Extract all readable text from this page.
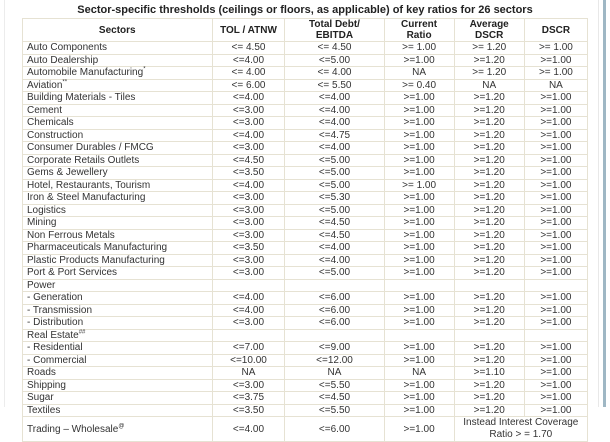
Sector-specific thresholds (ceilings or floors, as applicable) of key ratios for 26 sectors
Sectors	TOL / ATNW	Total Debt/ EBITDA	Current Ratio	Average DSCR	DSCR
Auto Components	<= 4.50	<= 4.50	>= 1.00	>= 1.20	>= 1.00
Auto Dealership	<=4.00	<=5.00	>=1.00	>=1.20	>=1.00
Automobile Manufacturing*	<= 4.00	<= 4.00	NA	>= 1.20	>= 1.00
Aviation**	<= 6.00	<= 5.50	>= 0.40	NA	NA
Building Materials - Tiles	<=4.00	<=4.00	>=1.00	>=1.20	>=1.00
Cement	<=3.00	<=4.00	>=1.00	>=1.20	>=1.00
Chemicals	<=3.00	<=4.00	>=1.00	>=1.20	>=1.00
Construction	<=4.00	<=4.75	>=1.00	>=1.20	>=1.00
Consumer Durables / FMCG	<=3.00	<=4.00	>=1.00	>=1.20	>=1.00
Corporate Retails Outlets	<=4.50	<=5.00	>=1.00	>=1.20	>=1.00
Gems & Jewellery	<=3.50	<=5.00	>=1.00	>=1.20	>=1.00
Hotel, Restaurants, Tourism	<=4.00	<=5.00	>= 1.00	>=1.20	>=1.00
Iron & Steel Manufacturing	<=3.00	<=5.30	>=1.00	>=1.20	>=1.00
Logistics	<=3.00	<=5.00	>=1.00	>=1.20	>=1.00
Mining	<=3.00	<=4.50	>=1.00	>=1.20	>=1.00
Non Ferrous Metals	<=3.00	<=4.50	>=1.00	>=1.20	>=1.00
Pharmaceuticals Manufacturing	<=3.50	<=4.00	>=1.00	>=1.20	>=1.00
Plastic Products Manufacturing	<=3.00	<=4.00	>=1.00	>=1.20	>=1.00
Port & Port Services	<=3.00	<=5.00	>=1.00	>=1.20	>=1.00
Power					
- Generation	<=4.00	<=6.00	>=1.00	>=1.20	>=1.00
- Transmission	<=4.00	<=6.00	>=1.00	>=1.20	>=1.00
- Distribution	<=3.00	<=6.00	>=1.00	>=1.20	>=1.00
Real Estate##					
- Residential	<=7.00	<=9.00	>=1.00	>=1.20	>=1.00
- Commercial	<=10.00	<=12.00	>=1.00	>=1.20	>=1.00
Roads	NA	NA	NA	>=1.10	>=1.00
Shipping	<=3.00	<=5.50	>=1.00	>=1.20	>=1.00
Sugar	<=3.75	<=4.50	>=1.00	>=1.20	>=1.00
Textiles	<=3.50	<=5.50	>=1.00	>=1.20	>=1.00
Trading – Wholesale@	<=4.00	<=6.00	>=1.00	Instead Interest Coverage Ratio > = 1.70	
